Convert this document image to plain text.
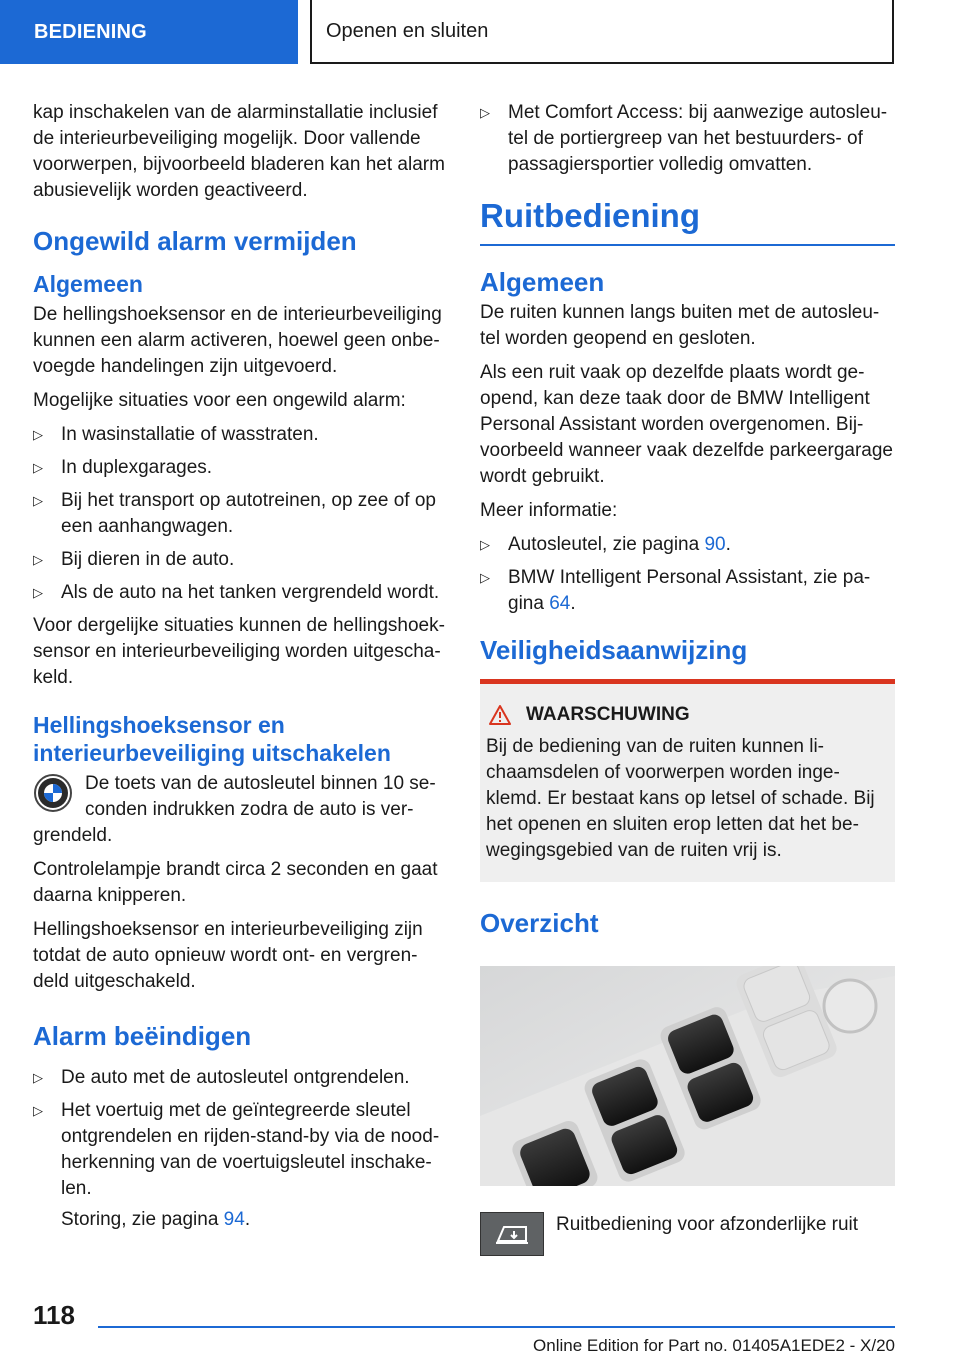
BEDIENING	Openen en sluiten

kap inschakelen van de alarminstallatie inclusief de interieurbeveiliging mogelijk. Door vallende voorwerpen, bijvoorbeeld bladeren kan het alarm abusievelijk worden geactiveerd.

Ongewild alarm vermijden
Algemeen

De hellingshoeksensor en de interieurbeveiliging kunnen een alarm activeren, hoewel geen onbe-voegde handelingen zijn uitgevoerd.

Mogelijke situaties voor een ongewild alarm:

▷ In wasinstallatie of wasstraten.
▷ In duplexgarages.
▷ Bij het transport op autotreinen, op zee of op een aanhangwagen.
▷ Bij dieren in de auto.
▷ Als de auto na het tanken vergrendeld wordt.

Voor dergelijke situaties kunnen de hellingshoek-sensor en interieurbeveiliging worden uitgescha-keld.

Hellingshoeksensor en interieurbeveiliging uitschakelen

De toets van de autosleutel binnen 10 se-conden indrukken zodra de auto is ver-grendeld.

Controlelampje brandt circa 2 seconden en gaat daarna knipperen.

Hellingshoeksensor en interieurbeveiliging zijn totdat de auto opnieuw wordt ont- en vergren-deld uitgeschakeld.

Alarm beëindigen
▷ De auto met de autosleutel ontgrendelen.
▷ Het voertuig met de geïntegreerde sleutel ontgrendelen en rijden-stand-by via de nood-herkenning van de voertuigsleutel inschake-len.
Storing, zie pagina 94.
▷ Met Comfort Access: bij aanwezige autosleu-tel de portiergreep van het bestuurders- of passagiersportier volledig omvatten.
Ruitbediening
Algemeen

De ruiten kunnen langs buiten met de autosleu-tel worden geopend en gesloten.

Als een ruit vaak op dezelfde plaats wordt ge-opend, kan deze taak door de BMW Intelligent Personal Assistant worden overgenomen. Bij-voorbeeld wanneer vaak dezelfde parkeergarage wordt gebruikt.

Meer informatie:

▷ Autosleutel, zie pagina 90.
▷ BMW Intelligent Personal Assistant, zie pa-gina 64.
Veiligheidsaanwijzing
WAARSCHUWING

Bij de bediening van de ruiten kunnen li-chaamsdelen of voorwerpen worden inge-klemd. Er bestaat kans op letsel of schade. Bij het openen en sluiten erop letten dat het be-wegingsgebied van de ruiten vrij is.

Overzicht
Ruitbediening voor afzonderlijke ruit
118
Online Edition for Part no. 01405A1EDE2 - X/20
